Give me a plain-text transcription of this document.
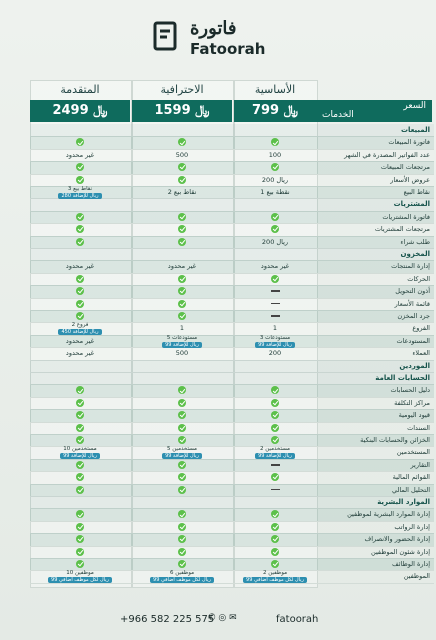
فاتورة
Fatoorah
الأساسية
الاحترافية
المتقدمة
799 ﷼
1599 ﷼
2499 ﷼	السعر
الخدمات
المبيعات
فاتورة المبيعات
عدد الفواتير المصدرة في الشهر
100
500
غير محدود
مرتجعات المبيعات
عروض الأسعار
200 ريال
نقاط البيع
1 نقطة بيع
2 نقاط بيع
3 نقاط بيع
280 ريال للإضافة
المشتريات
فاتورة المشتريات
مرتجعات المشتريات
طلب شراء
200 ريال
المخزون
إدارة المنتجات
غير محدود
غير محدود
غير محدود
الحركات
أذون التحويل
قائمة الأسعار
جرد المخزن
الفروع
1
1
2 فروع
450 ريال للإضافة
المستودعات
3 مستودعات
99 ريال للإضافة
5 مستودعات
99 ريال للإضافة
غير محدود
العملاء
200
500
غير محدود
الموردين
الحسابات العامة
دليل الحسابات
مراكز التكلفة
قيود اليومية
السندات
الخزائن والحسابات البنكية
المستخدمين
2 مستخدمين
99 ريال للإضافة
5 مستخدمين
99 ريال للإضافة
10 مستخدمين
99 ريال للإضافة
التقارير
القوائم المالية
التحليل المالي
الموارد البشرية
إدارة الموارد البشرية لموظفين
إدارة الرواتب
إدارة الحضور والانصراف
إدارة شئون الموظفين
إدارة الوظائف
الموظفين
2 موظفين
99 ريال لكل موظف اضافي
6 موظفين
99 ريال لكل موظف اضافي
10 موظفين
99 ريال لكل موظف اضافي
+966 582 225 575
✆ ◎ ✉	fatoorah
